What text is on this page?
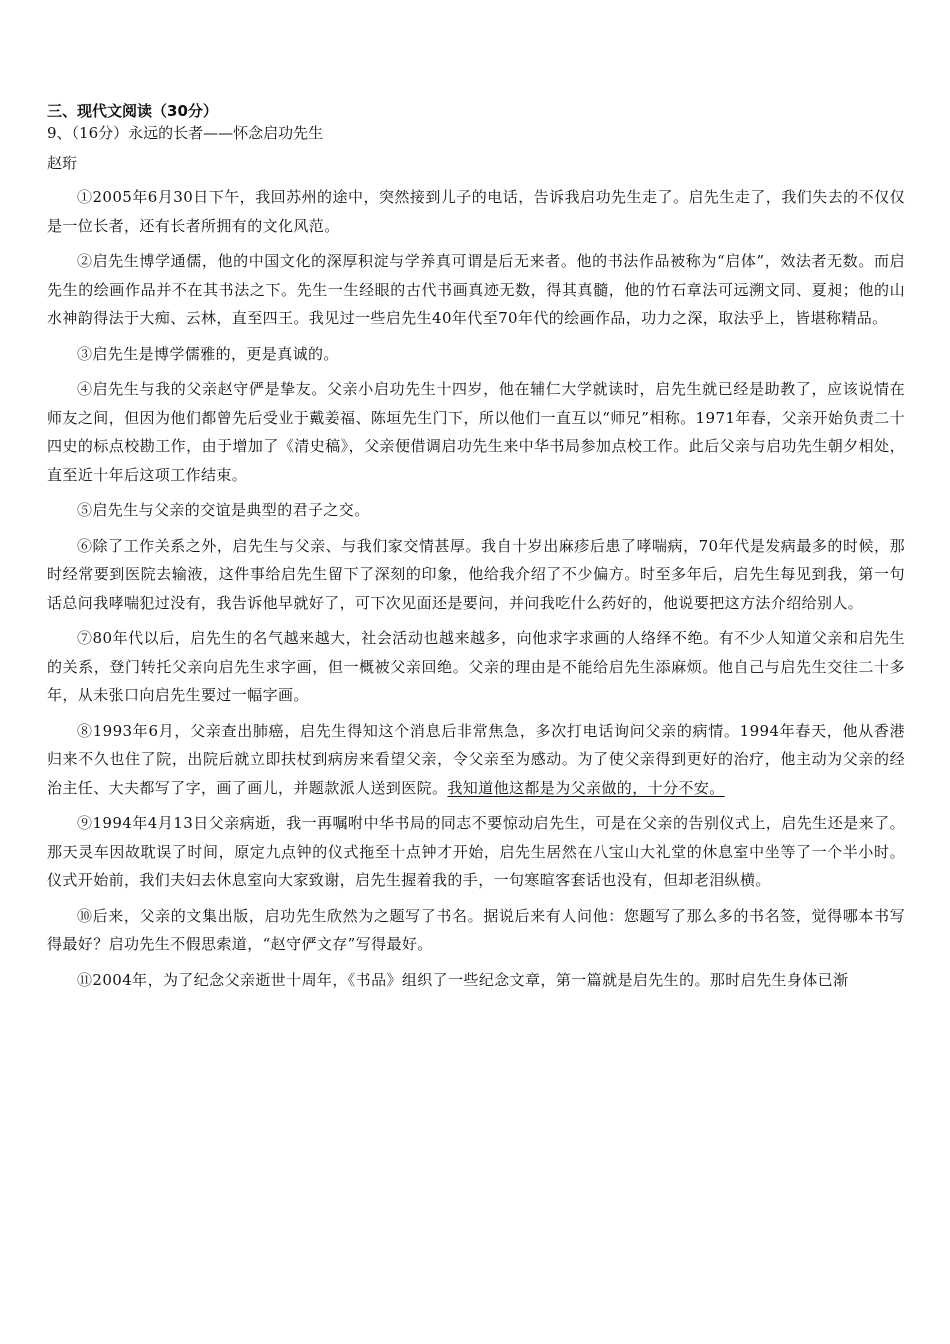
三、现代文阅读（30分）

9、（16分）永远的长者——怀念启功先生

赵珩

①2005年6月30日下午，我回苏州的途中，突然接到儿子的电话，告诉我启功先生走了。启先生走了，我们失去的不仅仅是一位长者，还有长者所拥有的文化风范。

②启先生博学通儒，他的中国文化的深厚积淀与学养真可谓是后无来者。他的书法作品被称为“启体”，效法者无数。而启先生的绘画作品并不在其书法之下。先生一生经眼的古代书画真迹无数，得其真髓，他的竹石章法可远溯文同、夏昶；他的山水神韵得法于大痴、云林，直至四王。我见过一些启先生40年代至70年代的绘画作品，功力之深，取法乎上，皆堪称精品。

③启先生是博学儒雅的，更是真诚的。

④启先生与我的父亲赵守俨是挚友。父亲小启功先生十四岁，他在辅仁大学就读时，启先生就已经是助教了，应该说情在师友之间，但因为他们都曾先后受业于戴姜福、陈垣先生门下，所以他们一直互以“师兄”相称。1971年春，父亲开始负责二十四史的标点校勘工作，由于增加了《清史稿》，父亲便借调启功先生来中华书局参加点校工作。此后父亲与启功先生朝夕相处，直至近十年后这项工作结束。

⑤启先生与父亲的交谊是典型的君子之交。

⑥除了工作关系之外，启先生与父亲、与我们家交情甚厚。我自十岁出麻疹后患了哮喘病，70年代是发病最多的时候，那时经常要到医院去输液，这件事给启先生留下了深刻的印象，他给我介绍了不少偏方。时至多年后，启先生每见到我，第一句话总问我哮喘犯过没有，我告诉他早就好了，可下次见面还是要问，并问我吃什么药好的，他说要把这方法介绍给别人。

⑦80年代以后，启先生的名气越来越大，社会活动也越来越多，向他求字求画的人络绎不绝。有不少人知道父亲和启先生的关系，登门转托父亲向启先生求字画，但一概被父亲回绝。父亲的理由是不能给启先生添麻烦。他自己与启先生交往二十多年，从未张口向启先生要过一幅字画。

⑧1993年6月，父亲查出肺癌，启先生得知这个消息后非常焦急，多次打电话询问父亲的病情。1994年春天，他从香港归来不久也住了院，出院后就立即扶杖到病房来看望父亲，令父亲至为感动。为了使父亲得到更好的治疗，他主动为父亲的经治主任、大夫都写了字，画了画儿，并题款派人送到医院。我知道他这都是为父亲做的，十分不安。

⑨1994年4月13日父亲病逝，我一再嘱咐中华书局的同志不要惊动启先生，可是在父亲的告别仪式上，启先生还是来了。那天灵车因故耽误了时间，原定九点钟的仪式拖至十点钟才开始，启先生居然在八宝山大礼堂的休息室中坐等了一个半小时。仪式开始前，我们夫妇去休息室向大家致谢，启先生握着我的手，一句寒暄客套话也没有，但却老泪纵横。

⑩后来，父亲的文集出版，启功先生欣然为之题写了书名。据说后来有人问他：您题写了那么多的书名签，觉得哪本书写得最好？启功先生不假思索道，“赵守俨文存”写得最好。

⑪2004年，为了纪念父亲逝世十周年，《书品》组织了一些纪念文章，第一篇就是启先生的。那时启先生身体已渐
